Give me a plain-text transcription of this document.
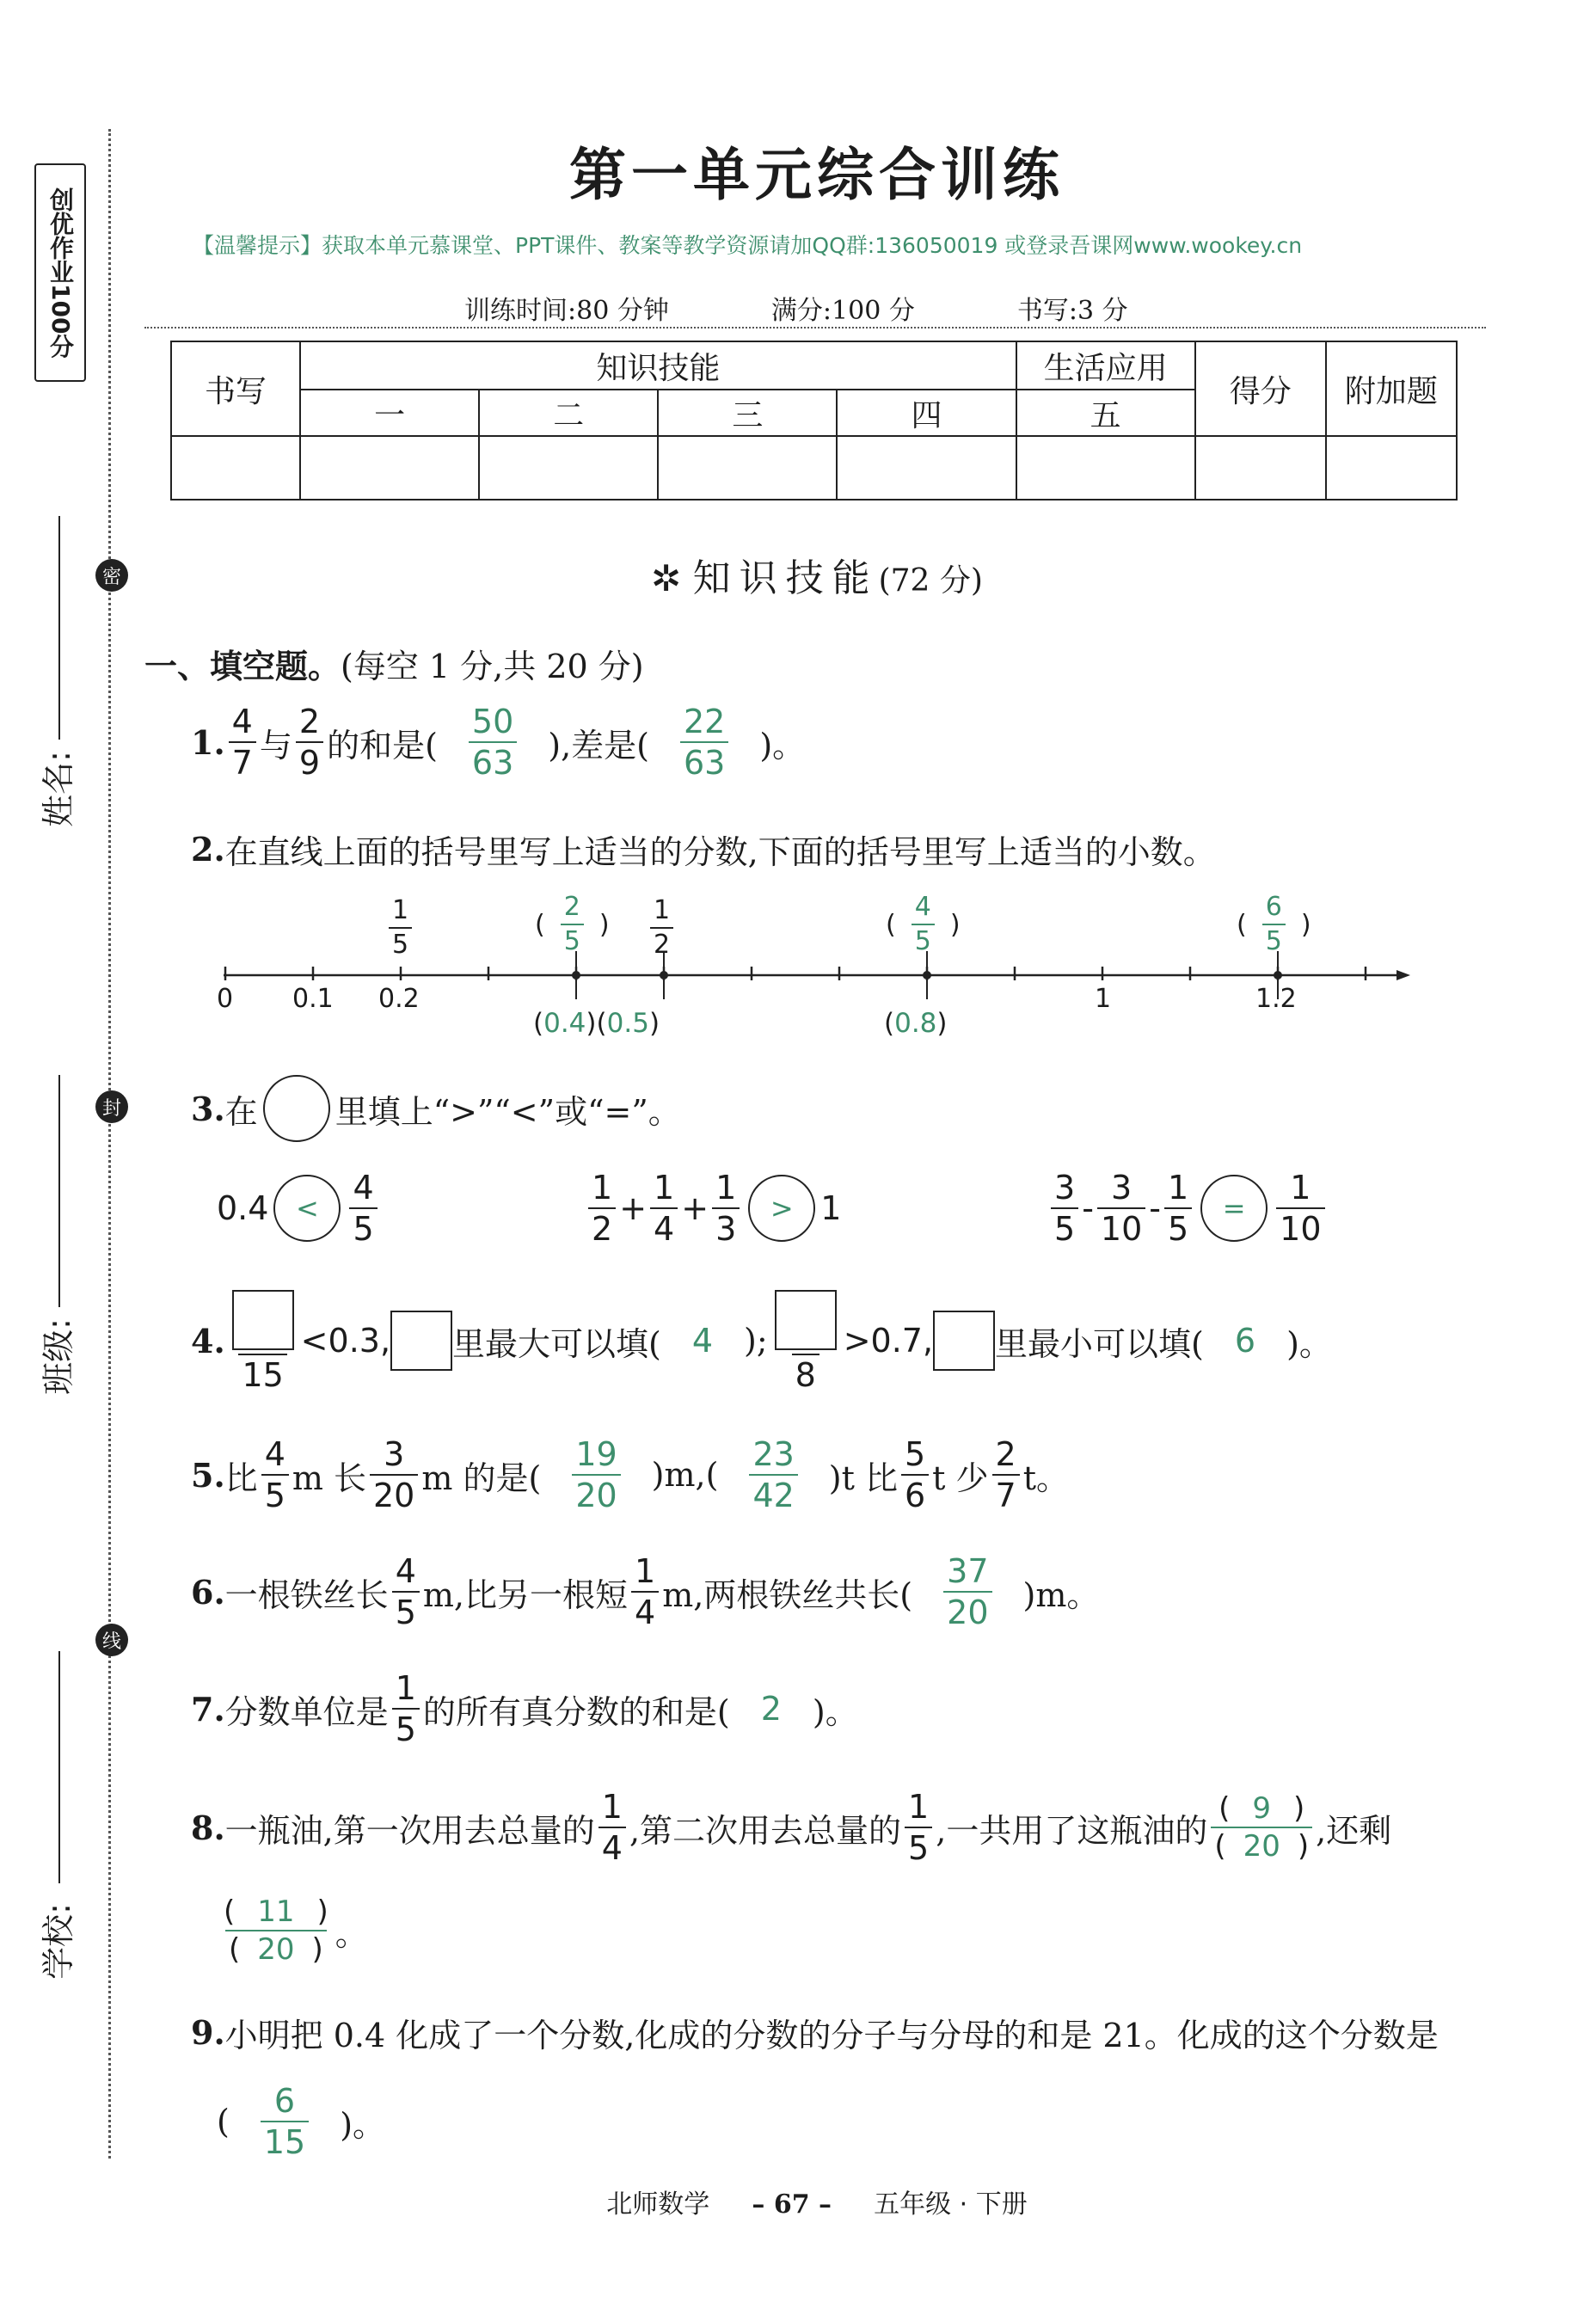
创优作业100分
密
封
线
姓名:
班级:
学校:
第一单元综合训练
【温馨提示】获取本单元慕课堂、PPT课件、教案等教学资源请加QQ群:136050019 或登录吾课网www.wookey.cn
训练时间:80 分钟	满分:100 分	书写:3 分
书写	知识技能				生活应用	得分	附加题
	一	二	三	四	五		

✲ 知识技能(72 分)
一、填空题。(每空 1 分,共 20 分)
1. $\frac{4}{7}$ 与 $\frac{2}{9}$ 的和是( $\frac{50}{63}$ ),差是( $\frac{22}{63}$ )。
2. 在直线上面的括号里写上适当的分数,下面的括号里写上适当的小数。
0 0.1 0.2	1	1.2
$\frac{1}{5}$	$\frac{1}{2}$
( $\frac{2}{5}$ )	( $\frac{4}{5}$ )	( $\frac{6}{5}$ )
(0.4)(0.5)	(0.8)
3. 在 里填上“>”“<”或“=”。
$0.4 < \frac{4}{5}$	$\frac{1}{2} + \frac{1}{4} + \frac{1}{3}$	> 1	$\frac{3}{5} - \frac{3}{10} - \frac{1}{5}$	= $\frac{1}{10}$
4.
15
<0.3, 里最大可以填( 4 );
8
>0.7, 里最小可以填( 6 )。
5. 比 $\frac{4}{5}$ m 长 $\frac{3}{20}$ m 的是( $\frac{19}{20} )m,( \frac{23}{42} )t$ 比 $\frac{5}{6}$ t 少 $\frac{2}{7}$ t。
6. 一根铁丝长 $\frac{4}{5} m$,比另一根短 $\frac{1}{4} m$,两根铁丝共长( $\frac{37}{20} )m$。
7. 分数单位是 $\frac{1}{5}$ 的所有真分数的和是( 2 )。
8. 一瓶油,第一次用去总量的 $\frac{1}{4}$ ,第二次用去总量的 $\frac{1}{5}$ ,一共用了这瓶油的 $\frac{( 9 )}{( 20 )}$ ,还剩
$\frac{( 11 )}{( 20 )}$ 。
9. 小明把 0.4 化成了一个分数,化成的分数的分子与分母的和是 21。化成的这个分数是
( $\frac{6}{15}$ )。
北师数学 – 67 – 五年级 · 下册
